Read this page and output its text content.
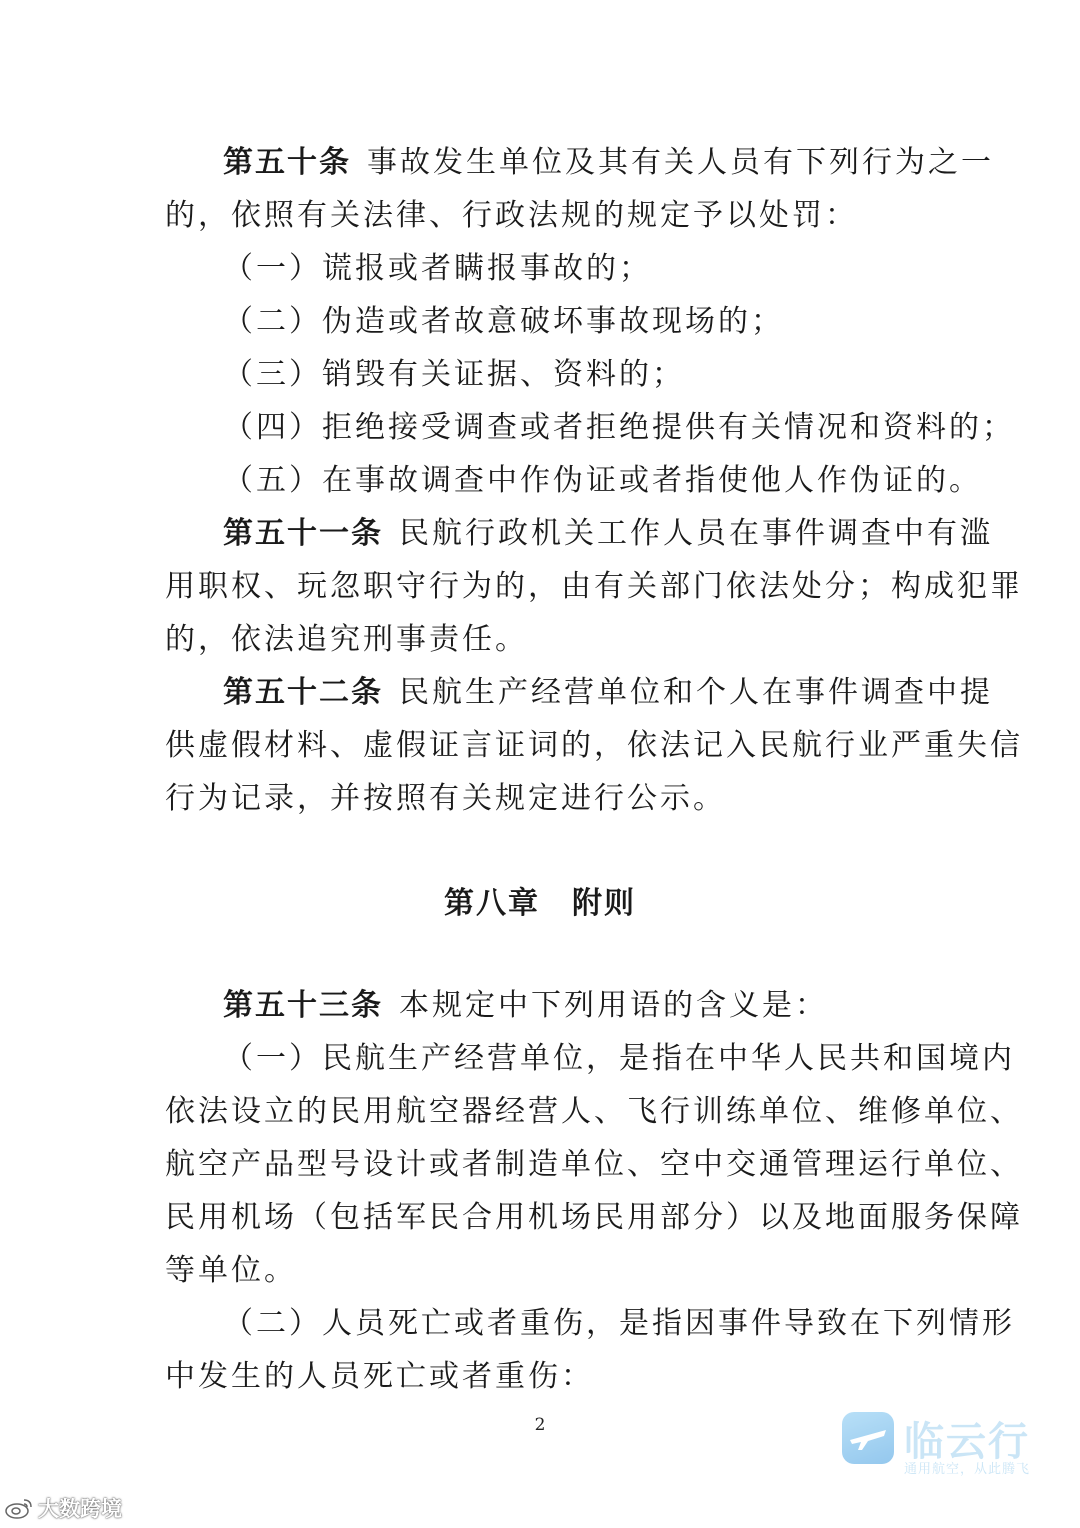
第五十条 事故发生单位及其有关人员有下列行为之一
的，依照有关法律、行政法规的规定予以处罚：
（一）谎报或者瞒报事故的；
（二）伪造或者故意破坏事故现场的；
（三）销毁有关证据、资料的；
（四）拒绝接受调查或者拒绝提供有关情况和资料的；
（五）在事故调查中作伪证或者指使他人作伪证的。
第五十一条 民航行政机关工作人员在事件调查中有滥
用职权、玩忽职守行为的，由有关部门依法处分；构成犯罪
的，依法追究刑事责任。
第五十二条 民航生产经营单位和个人在事件调查中提
供虚假材料、虚假证言证词的，依法记入民航行业严重失信
行为记录，并按照有关规定进行公示。
第八章　附则
第五十三条 本规定中下列用语的含义是：
（一）民航生产经营单位，是指在中华人民共和国境内
依法设立的民用航空器经营人、飞行训练单位、维修单位、
航空产品型号设计或者制造单位、空中交通管理运行单位、
民用机场（包括军民合用机场民用部分）以及地面服务保障
等单位。
（二）人员死亡或者重伤，是指因事件导致在下列情形
中发生的人员死亡或者重伤：
2	临云行
通用航空，从此腾飞
大数跨境
